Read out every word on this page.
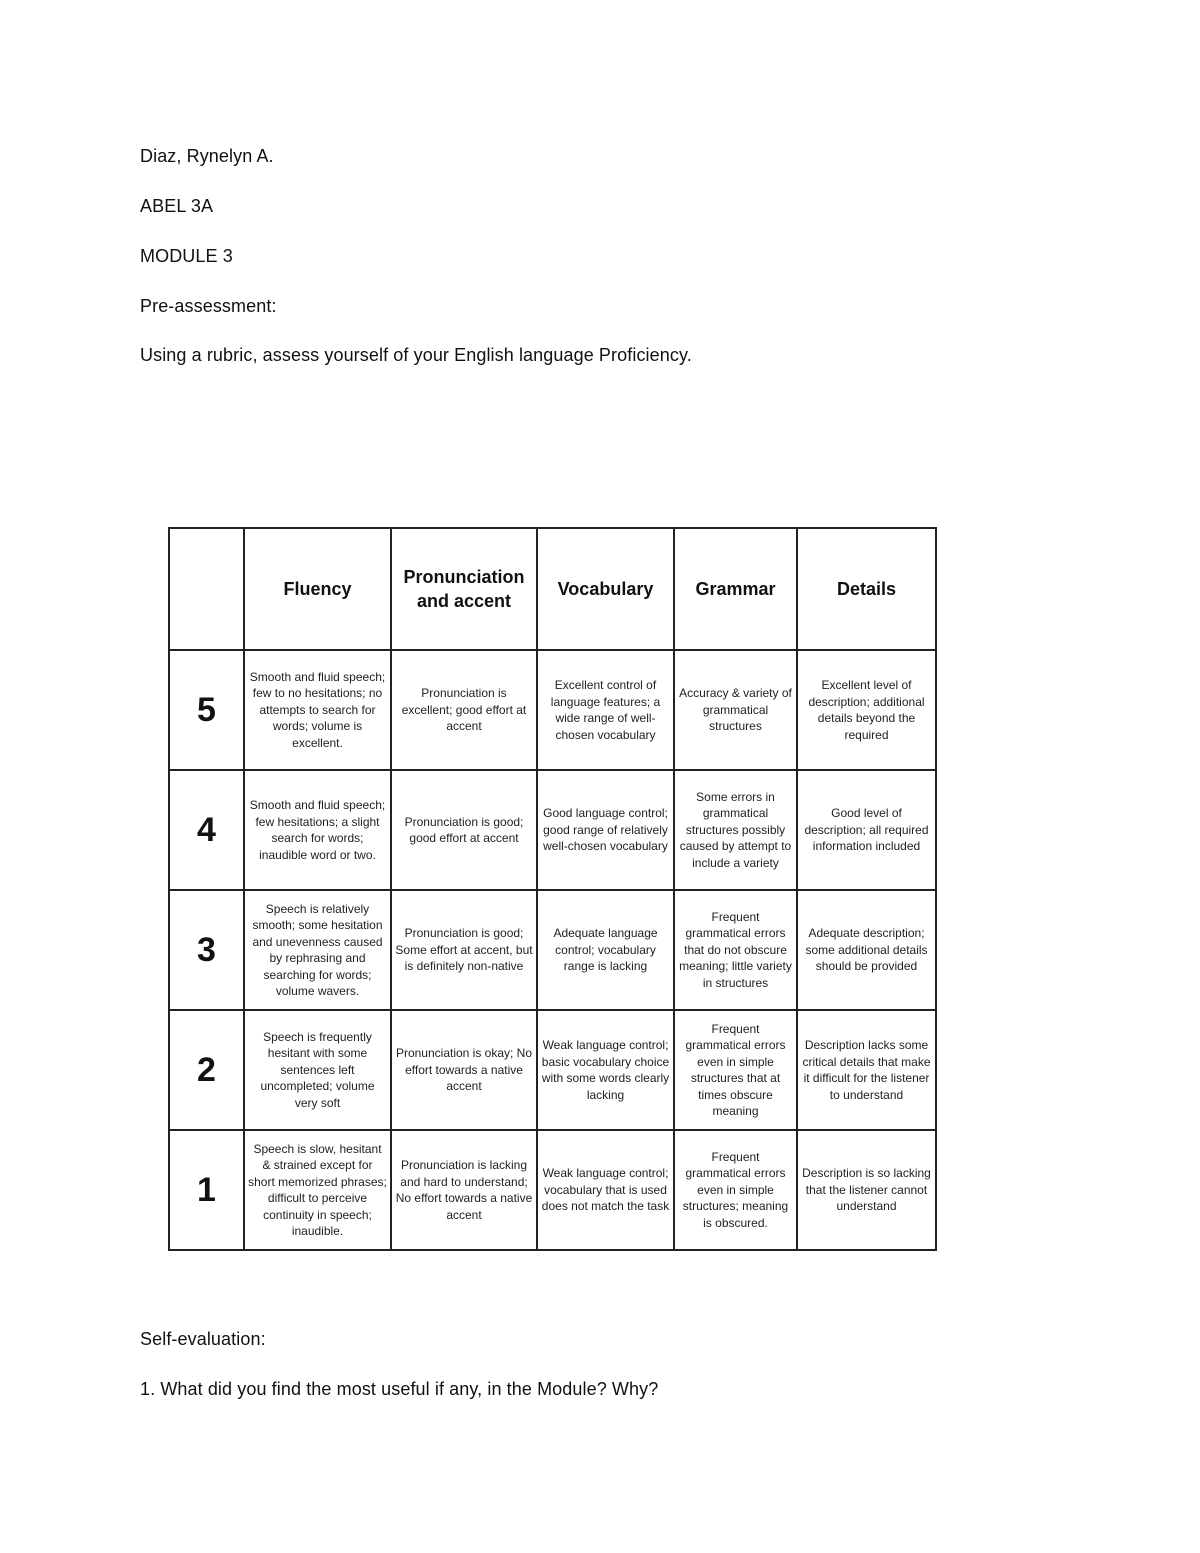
Diaz, Rynelyn A.
ABEL 3A
MODULE 3
Pre-assessment:
Using a rubric, assess yourself of your English language Proficiency.
	Fluency	Pronunciation and accent	Vocabulary	Grammar	Details
5	Smooth and fluid speech; few to no hesitations; no attempts to search for words; volume is excellent.	Pronunciation is excellent; good effort at accent	Excellent control of language features; a wide range of well-chosen vocabulary	Accuracy & variety of grammatical structures	Excellent level of description; additional details beyond the required
4	Smooth and fluid speech; few hesitations; a slight search for words; inaudible word or two.	Pronunciation is good; good effort at accent	Good language control; good range of relatively well-chosen vocabulary	Some errors in grammatical structures possibly caused by attempt to include a variety	Good level of description; all required information included
3	Speech is relatively smooth; some hesitation and unevenness caused by rephrasing and searching for words; volume wavers.	Pronunciation is good; Some effort at accent, but is definitely non-native	Adequate language control; vocabulary range is lacking	Frequent grammatical errors that do not obscure meaning; little variety in structures	Adequate description; some additional details should be provided
2	Speech is frequently hesitant with some sentences left uncompleted; volume very soft	Pronunciation is okay; No effort towards a native accent	Weak language control; basic vocabulary choice with some words clearly lacking	Frequent grammatical errors even in simple structures that at times obscure meaning	Description lacks some critical details that make it difficult for the listener to understand
1	Speech is slow, hesitant & strained except for short memorized phrases; difficult to perceive continuity in speech; inaudible.	Pronunciation is lacking and hard to understand; No effort towards a native accent	Weak language control; vocabulary that is used does not match the task	Frequent grammatical errors even in simple structures; meaning is obscured.	Description is so lacking that the listener cannot understand
Self-evaluation:
1. What did you find the most useful if any, in the Module? Why?
